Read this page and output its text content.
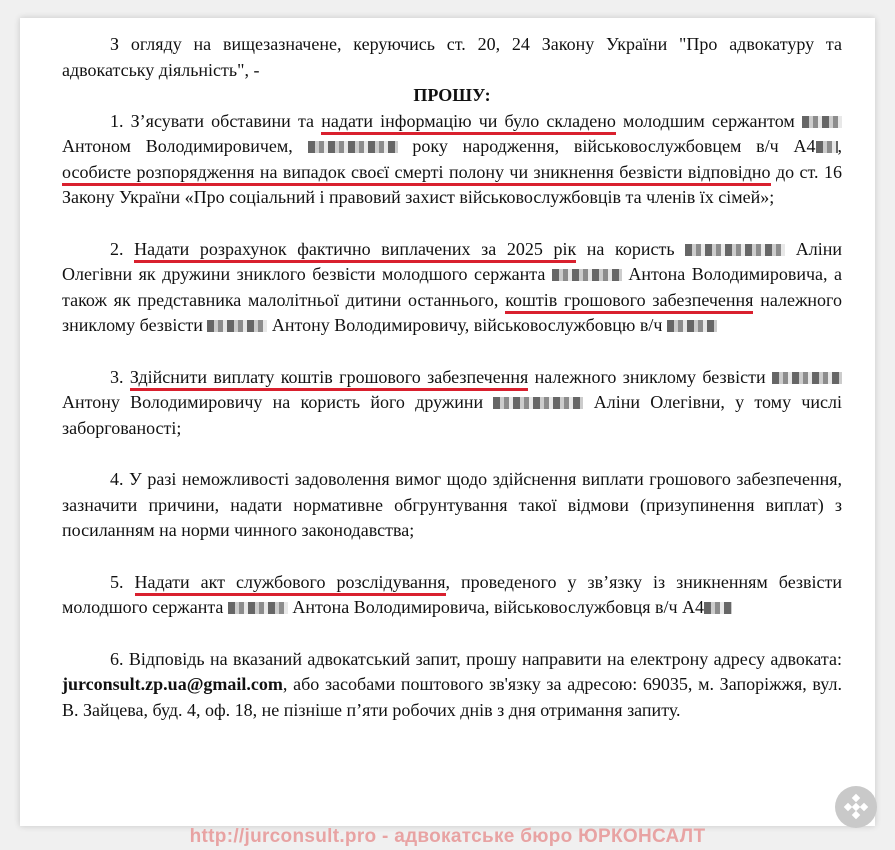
З огляду на вищезазначене, керуючись ст. 20, 24 Закону України "Про адвокатуру та адвокатську діяльність", -

ПРОШУ:

1. З’ясувати обставини та надати інформацію чи було складено молодшим сержантом  Антоном Володимировичем,	року народження, військовослужбовцем в/ч А4 , особисте розпорядження на випадок своєї смерті полону чи зникнення безвісти відповідно до ст. 16 Закону України «Про соціальний і правовий захист військовослужбовців та членів їх сімей»;

2. Надати розрахунок фактично виплачених за 2025 рік на користь	Аліни Олегівни як дружини зниклого безвісти молодшого сержанта	Антона Володимировича, а також як представника малолітньої дитини останнього, коштів грошового забезпечення належного зниклому безвісти	Антону Володимировичу, військовослужбовцю в/ч

3. Здійснити виплату коштів грошового забезпечення належного зниклому безвісти  Антону Володимировичу на користь його дружини	Аліни Олегівни, у тому числі заборгованості;

4. У разі неможливості задоволення вимог щодо здійснення виплати грошового забезпечення, зазначити причини, надати нормативне обгрунтування такої відмови (призупинення виплат) з посиланням на норми чинного законодавства;

5. Надати акт службового розслідування, проведеного у зв’язку із зникненням безвісти молодшого сержанта	Антона Володимировича, військовослужбовця в/ч А4

6. Відповідь на вказаний адвокатський запит, прошу направити на електрону адресу адвоката: jurconsult.zp.ua@gmail.com, або засобами поштового зв'язку за адресою: 69035, м. Запоріжжя, вул. В. Зайцева, буд. 4, оф. 18, не пізніше п’яти робочих днів з дня отримання запиту.

http://jurconsult.pro - адвокатське бюро ЮРКОНСАЛТ
